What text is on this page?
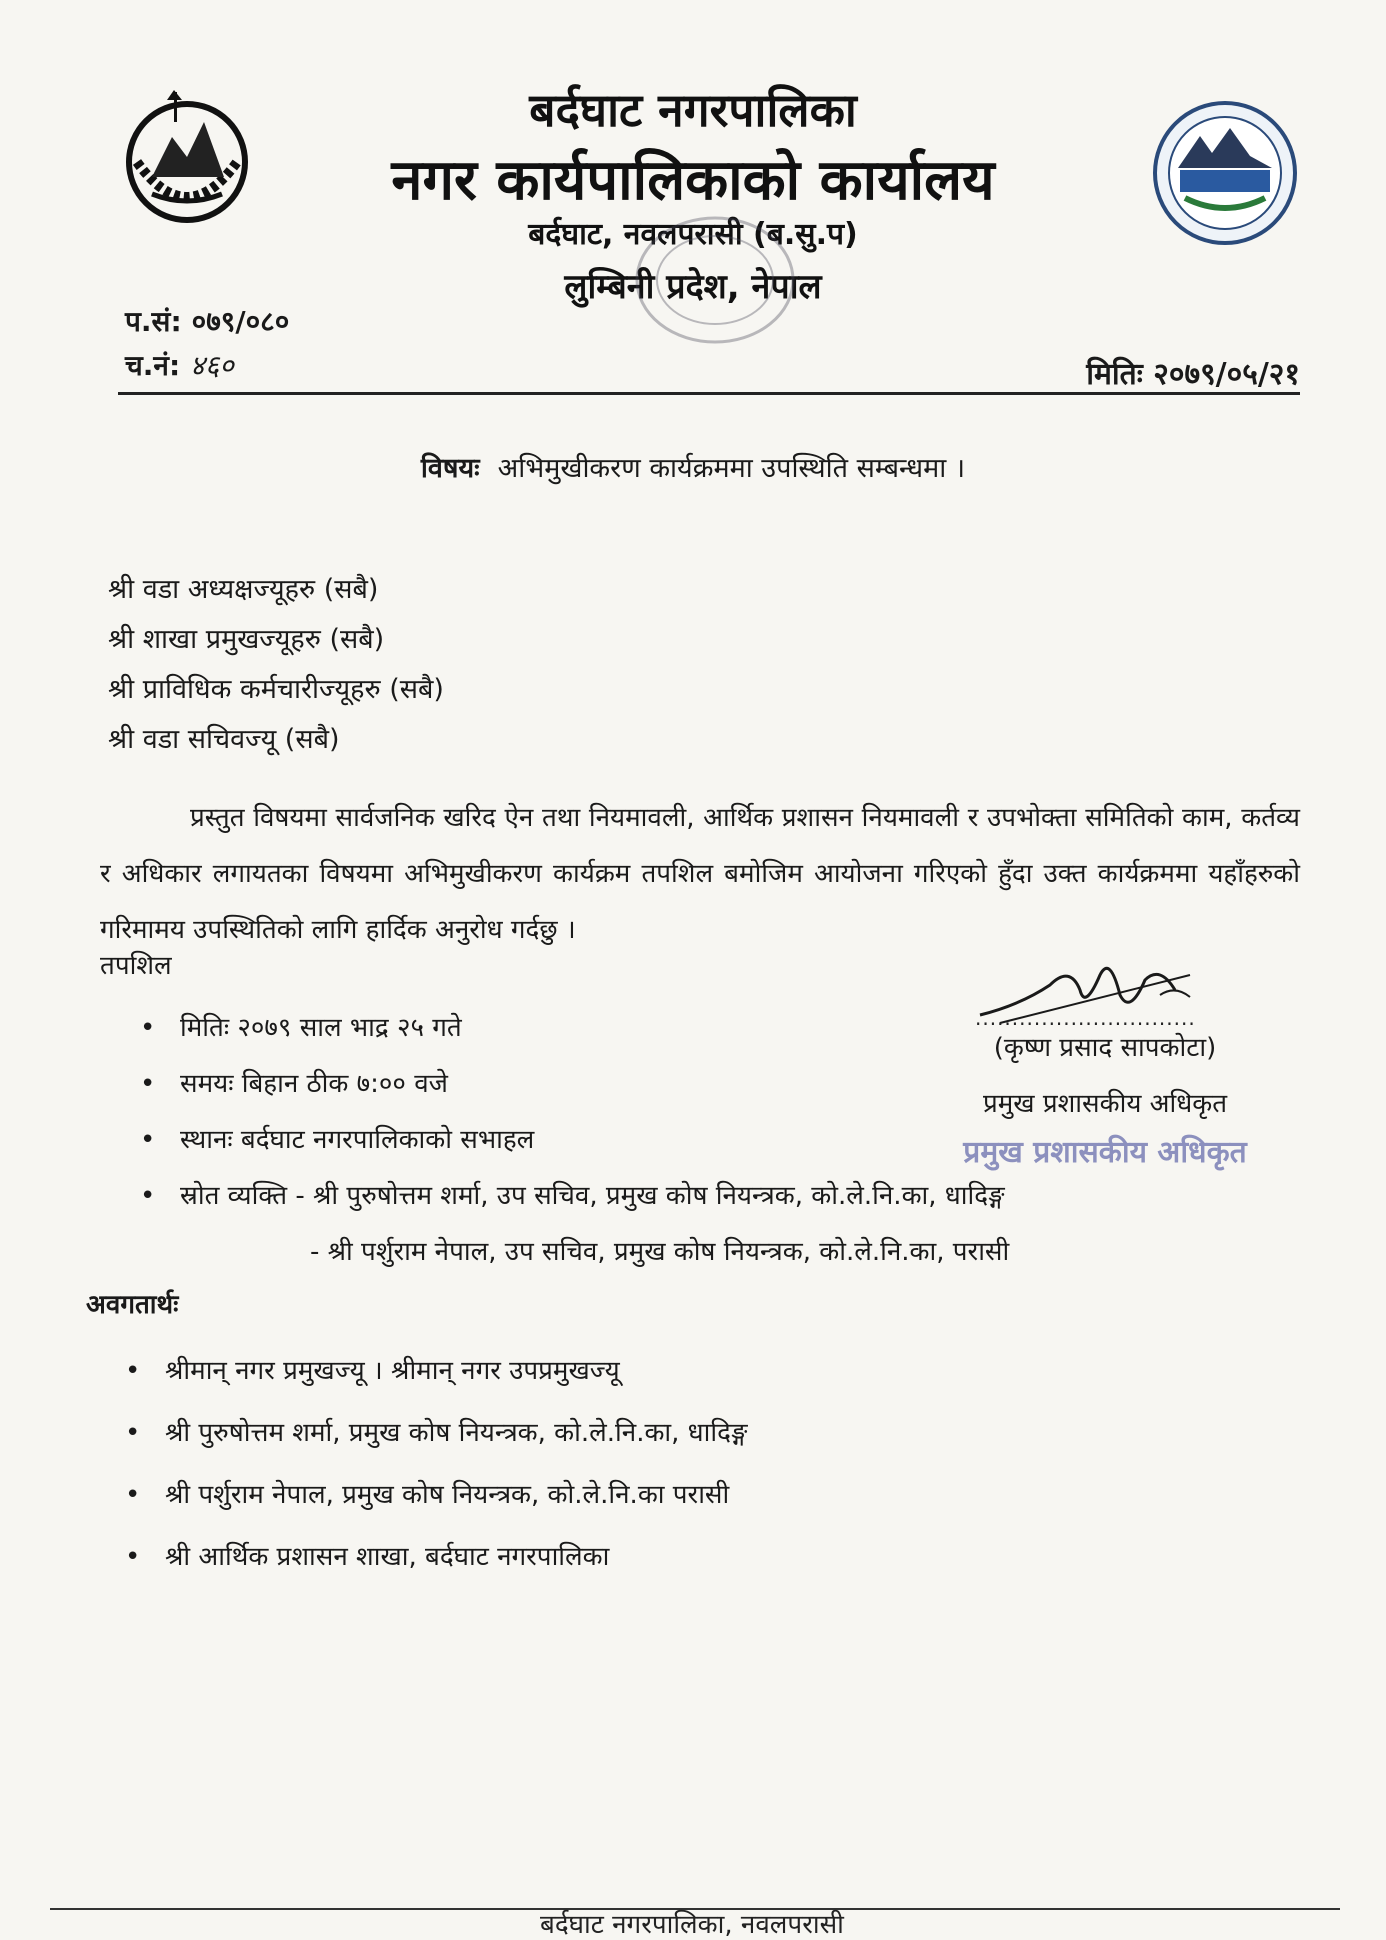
बर्दघाट नगरपालिका
नगर कार्यपालिकाको कार्यालय
बर्दघाट, नवलपरासी (ब.सु.प)
लुम्बिनी प्रदेश, नेपाल
प.सं: ०७९/०८०
च.नं: ४६०	मितिः २०७९/०५/२१
विषयः अभिमुखीकरण कार्यक्रममा उपस्थिति सम्बन्धमा ।
श्री वडा अध्यक्षज्यूहरु (सबै)
श्री शाखा प्रमुखज्यूहरु (सबै)
श्री प्राविधिक कर्मचारीज्यूहरु (सबै)
श्री वडा सचिवज्यू (सबै)
प्रस्तुत विषयमा सार्वजनिक खरिद ऐन तथा नियमावली, आर्थिक प्रशासन नियमावली र उपभोक्ता समितिको काम, कर्तव्य र अधिकार लगायतका विषयमा अभिमुखीकरण कार्यक्रम तपशिल बमोजिम आयोजना गरिएको हुँदा उक्त कार्यक्रममा यहाँहरुको गरिमामय उपस्थितिको लागि हार्दिक अनुरोध गर्दछु ।
तपशिल
• मितिः २०७९ साल भाद्र २५ गते
• समयः बिहान ठीक ७:०० वजे
• स्थानः बर्दघाट नगरपालिकाको सभाहल
• स्रोत व्यक्ति - श्री पुरुषोत्तम शर्मा, उप सचिव, प्रमुख कोष नियन्त्रक, को.ले.नि.का, धादिङ्ग
- श्री पर्शुराम नेपाल, उप सचिव, प्रमुख कोष नियन्त्रक, को.ले.नि.का, परासी
..............................
(कृष्ण प्रसाद सापकोटा)
प्रमुख प्रशासकीय अधिकृत
प्रमुख प्रशासकीय अधिकृत
अवगतार्थः
• श्रीमान् नगर प्रमुखज्यू । श्रीमान् नगर उपप्रमुखज्यू
• श्री पुरुषोत्तम शर्मा, प्रमुख कोष नियन्त्रक, को.ले.नि.का, धादिङ्ग
• श्री पर्शुराम नेपाल, प्रमुख कोष नियन्त्रक, को.ले.नि.का परासी
• श्री आर्थिक प्रशासन शाखा, बर्दघाट नगरपालिका
बर्दघाट नगरपालिका, नवलपरासी
